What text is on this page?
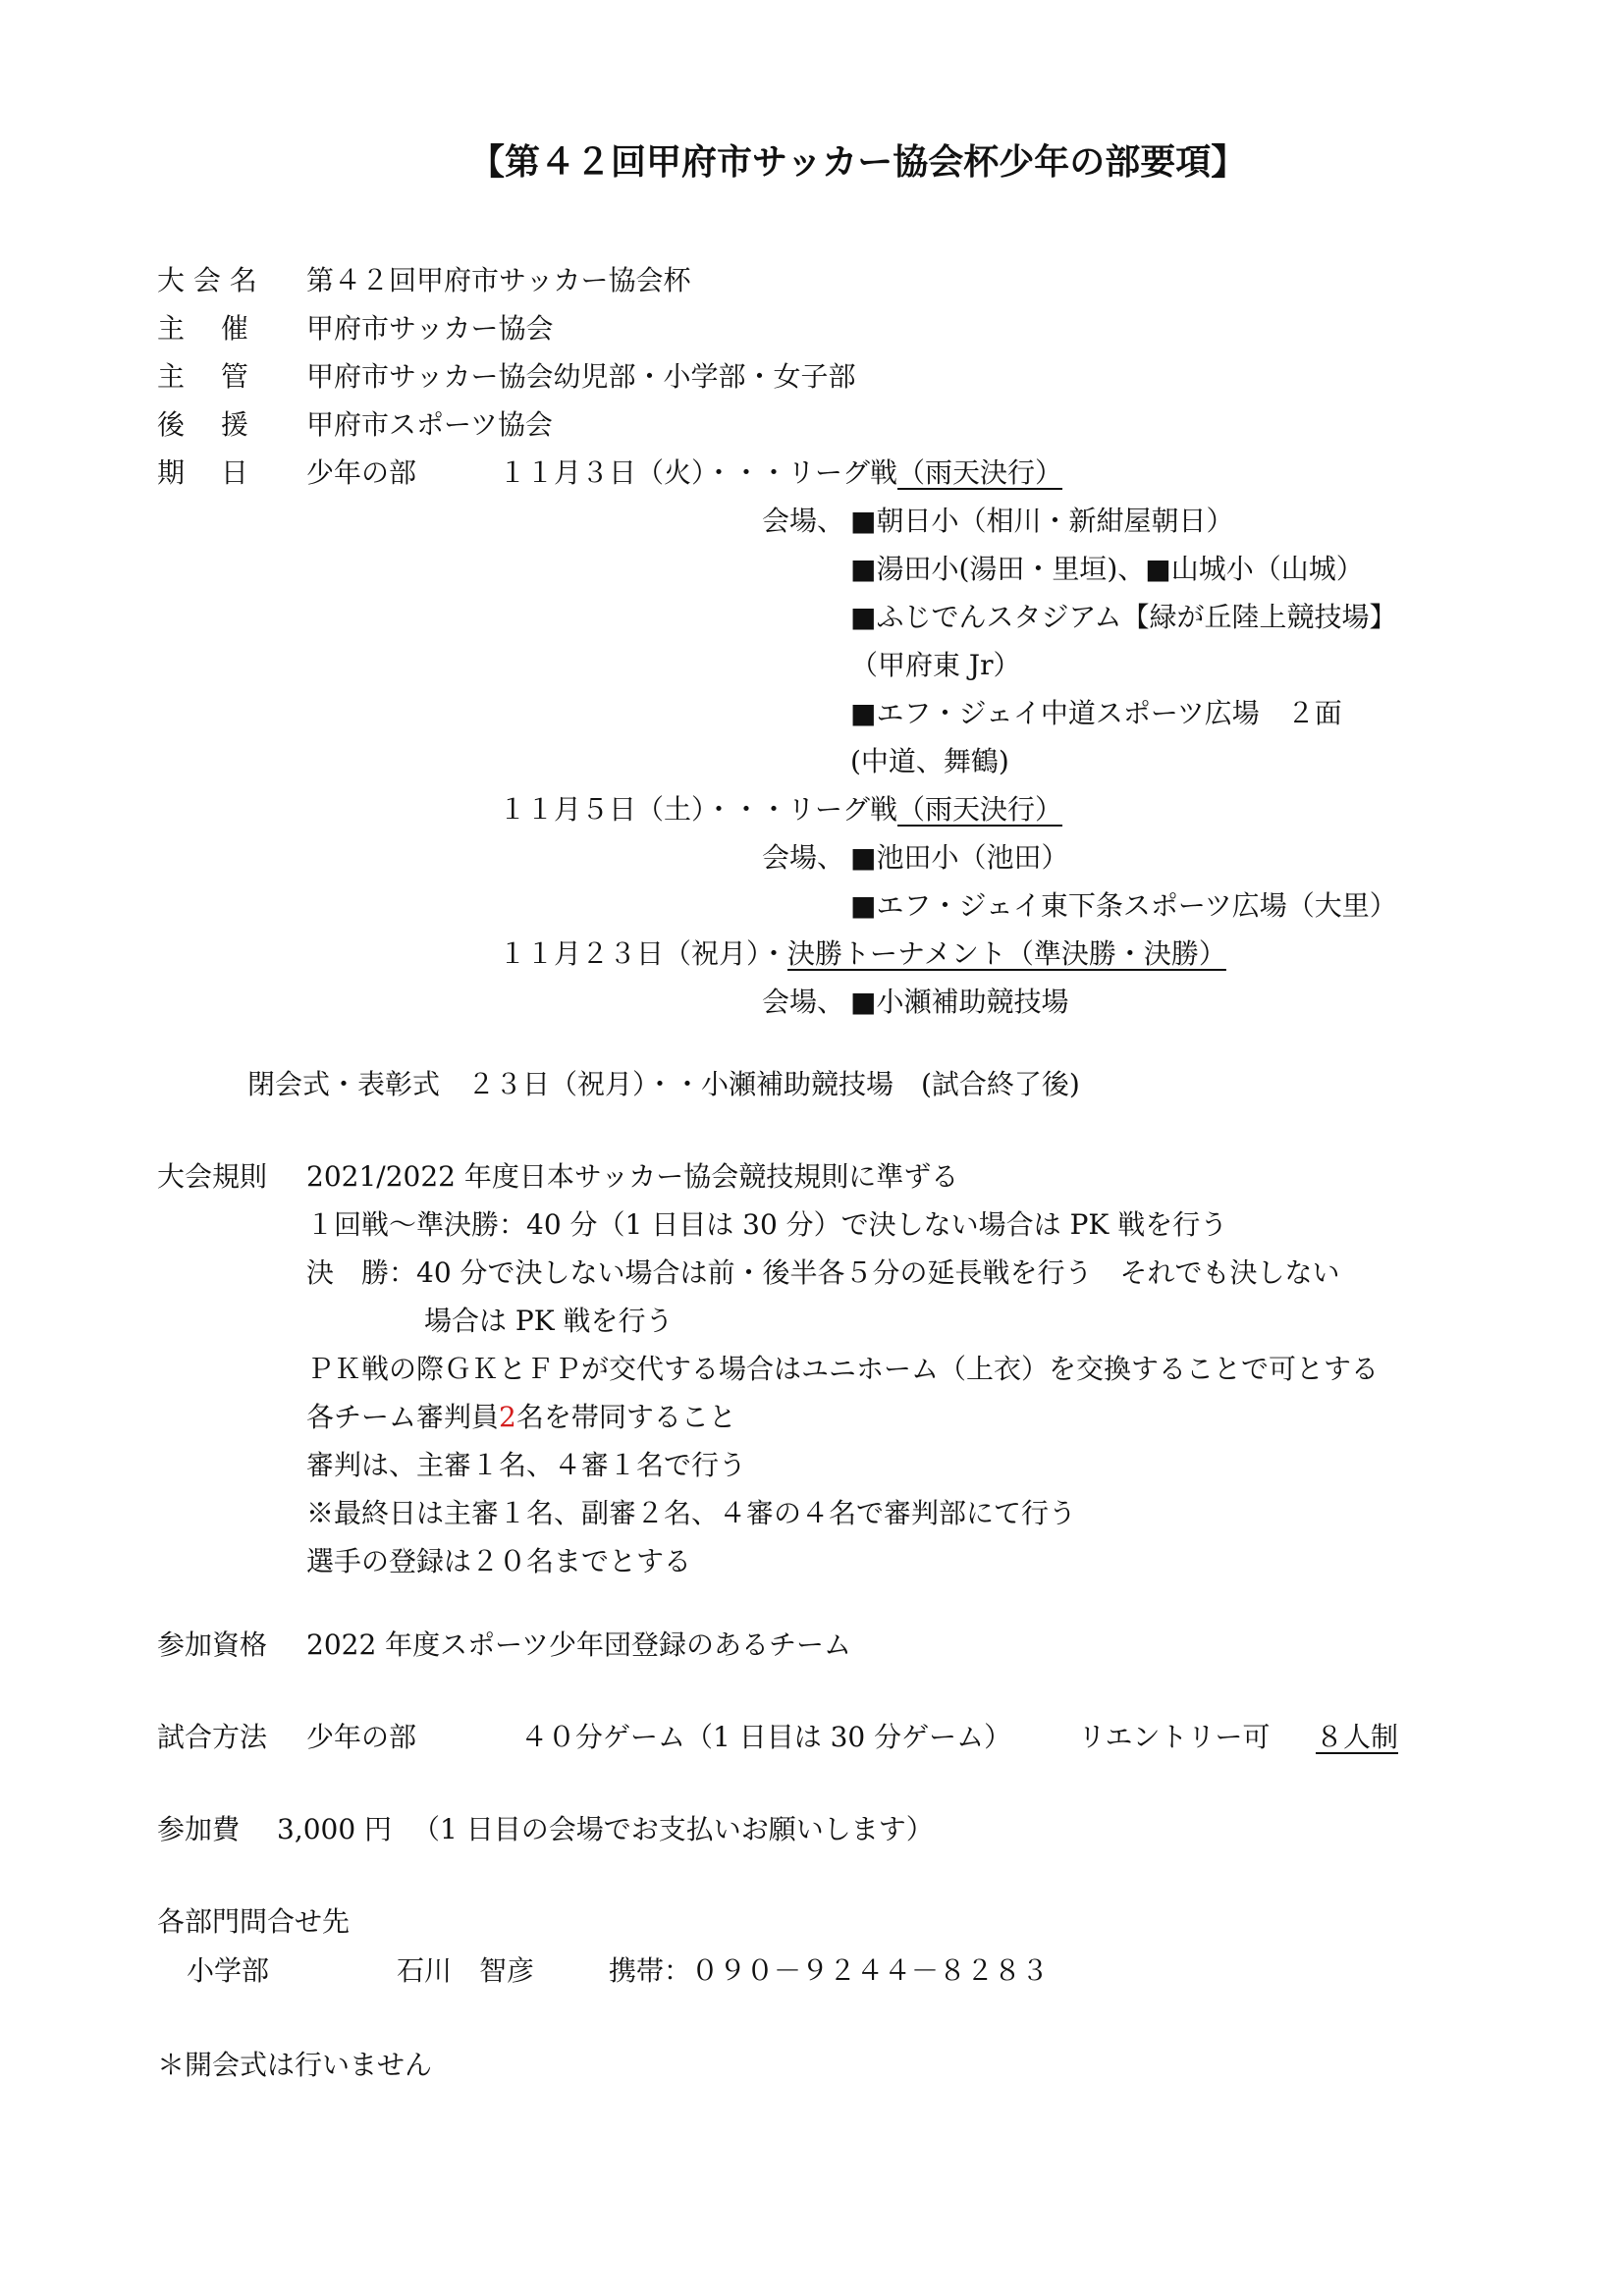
【第４２回甲府市サッカー協会杯少年の部要項】
大 会 名 第４２回甲府市サッカー協会杯
主　 催 甲府市サッカー協会
主　 管 甲府市サッカー協会幼児部・小学部・女子部
後　 援 甲府市スポーツ協会
期　 日 少年の部	１１月３日（火）・・・リーグ戦（雨天決行）
会場、 ■朝日小（相川・新紺屋朝日）
■湯田小(湯田・里垣)、■山城小（山城）
■ふじでんスタジアム【緑が丘陸上競技場】
（甲府東 Jr）
■エフ・ジェイ中道スポーツ広場　２面
(中道、舞鶴)
１１月５日（土）・・・リーグ戦（雨天決行）
会場、 ■池田小（池田）
■エフ・ジェイ東下条スポーツ広場（大里）
１１月２３日（祝月）・決勝トーナメント（準決勝・決勝）
会場、 ■小瀬補助競技場
閉会式・表彰式　２３日（祝月）・・小瀬補助競技場　(試合終了後)
大会規則 2021/2022 年度日本サッカー協会競技規則に準ずる
１回戦～準決勝：40 分（1 日目は 30 分）で決しない場合は PK 戦を行う
決　勝：40 分で決しない場合は前・後半各５分の延長戦を行う　それでも決しない
場合は PK 戦を行う
ＰＫ戦の際ＧＫとＦＰが交代する場合はユニホーム（上衣）を交換することで可とする
各チーム審判員2名を帯同すること
審判は、主審１名、４審１名で行う
※最終日は主審１名、副審２名、４審の４名で審判部にて行う
選手の登録は２０名までとする
参加資格 2022 年度スポーツ少年団登録のあるチーム
試合方法 少年の部	４０分ゲーム（1 日目は 30 分ゲーム） リエントリー可 ８人制
参加費 3,000 円 （1 日目の会場でお支払いお願いします）
各部門問合せ先
小学部	石川　智彦	携帯：０９０－９２４４－８２８３
＊開会式は行いません
